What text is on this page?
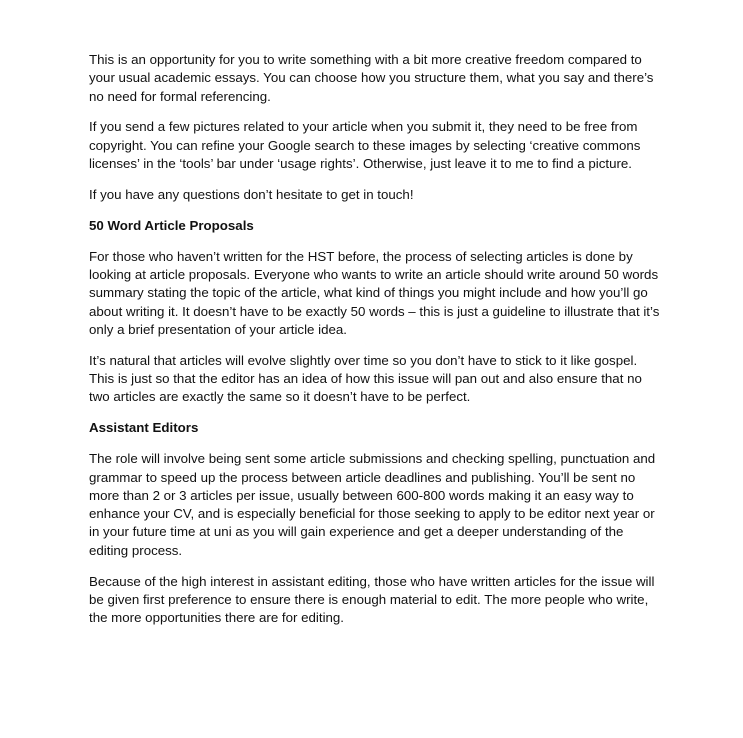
This is an opportunity for you to write something with a bit more creative freedom compared to your usual academic essays. You can choose how you structure them, what you say and there’s no need for formal referencing.

If you send a few pictures related to your article when you submit it, they need to be free from copyright. You can refine your Google search to these images by selecting ‘creative commons licenses’ in the ‘tools’ bar under ‘usage rights’. Otherwise, just leave it to me to find a picture.

If you have any questions don’t hesitate to get in touch!

50 Word Article Proposals

For those who haven’t written for the HST before, the process of selecting articles is done by looking at article proposals. Everyone who wants to write an article should write around 50 words summary stating the topic of the article, what kind of things you might include and how you’ll go about writing it. It doesn’t have to be exactly 50 words – this is just a guideline to illustrate that it’s only a brief presentation of your article idea.

It’s natural that articles will evolve slightly over time so you don’t have to stick to it like gospel. This is just so that the editor has an idea of how this issue will pan out and also ensure that no two articles are exactly the same so it doesn’t have to be perfect.

Assistant Editors

The role will involve being sent some article submissions and checking spelling, punctuation and grammar to speed up the process between article deadlines and publishing. You’ll be sent no more than 2 or 3 articles per issue, usually between 600-800 words making it an easy way to enhance your CV, and is especially beneficial for those seeking to apply to be editor next year or in your future time at uni as you will gain experience and get a deeper understanding of the editing process.

Because of the high interest in assistant editing, those who have written articles for the issue will be given first preference to ensure there is enough material to edit. The more people who write, the more opportunities there are for editing.
